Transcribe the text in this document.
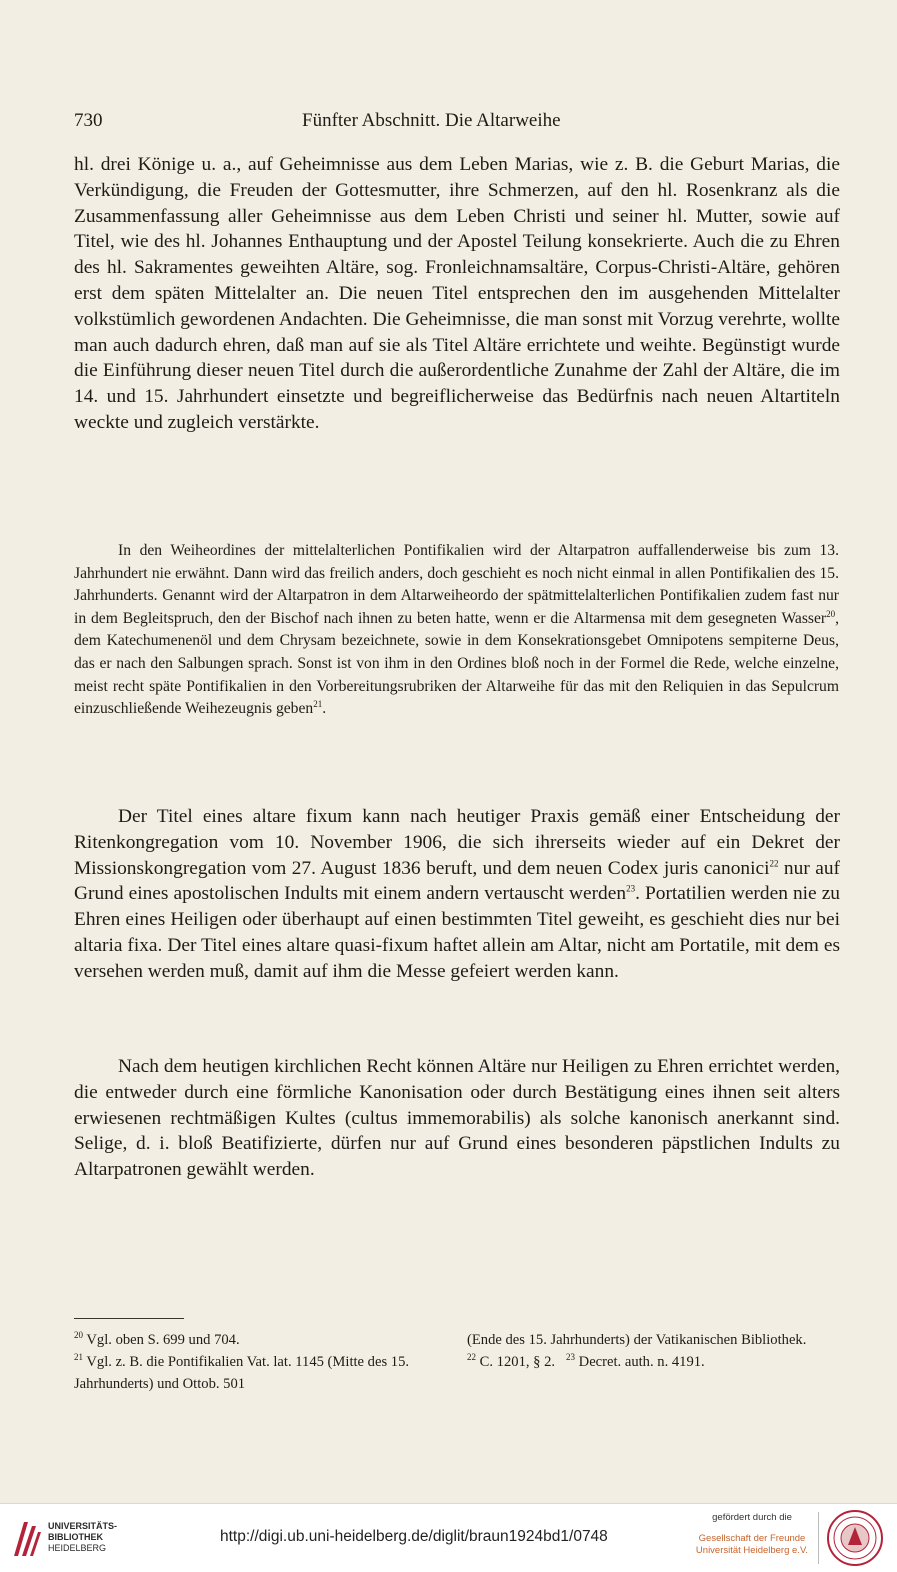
730	Fünfter Abschnitt. Die Altarweihe

hl. drei Könige u. a., auf Geheimnisse aus dem Leben Marias, wie z. B. die Geburt Marias, die Verkündigung, die Freuden der Gottesmutter, ihre Schmerzen, auf den hl. Rosenkranz als die Zusammenfassung aller Geheimnisse aus dem Leben Christi und seiner hl. Mutter, sowie auf Titel, wie des hl. Johannes Enthauptung und der Apostel Teilung konsekrierte. Auch die zu Ehren des hl. Sakramentes geweihten Altäre, sog. Fronleichnamsaltäre, Corpus-Christi-Altäre, gehören erst dem späten Mittelalter an. Die neuen Titel entsprechen den im ausgehenden Mittelalter volkstümlich gewordenen Andachten. Die Geheimnisse, die man sonst mit Vorzug verehrte, wollte man auch dadurch ehren, daß man auf sie als Titel Altäre errichtete und weihte. Begünstigt wurde die Einführung dieser neuen Titel durch die außerordentliche Zunahme der Zahl der Altäre, die im 14. und 15. Jahrhundert einsetzte und begreiflicherweise das Bedürfnis nach neuen Altartiteln weckte und zugleich verstärkte.

In den Weiheordines der mittelalterlichen Pontifikalien wird der Altarpatron auffallenderweise bis zum 13. Jahrhundert nie erwähnt. Dann wird das freilich anders, doch geschieht es noch nicht einmal in allen Pontifikalien des 15. Jahrhunderts. Genannt wird der Altarpatron in dem Altarweiheordo der spätmittelalterlichen Pontifikalien zudem fast nur in dem Begleitspruch, den der Bischof nach ihnen zu beten hatte, wenn er die Altarmensa mit dem gesegneten Wasser$^{20}$, dem Katechumenenöl und dem Chrysam bezeichnete, sowie in dem Konsekrationsgebet Omnipotens sempiterne Deus, das er nach den Salbungen sprach. Sonst ist von ihm in den Ordines bloß noch in der Formel die Rede, welche einzelne, meist recht späte Pontifikalien in den Vorbereitungsrubriken der Altarweihe für das mit den Reliquien in das Sepulcrum einzuschließende Weihezeugnis geben$^{21}$.

Der Titel eines altare fixum kann nach heutiger Praxis gemäß einer Entscheidung der Ritenkongregation vom 10. November 1906, die sich ihrerseits wieder auf ein Dekret der Missionskongregation vom 27. August 1836 beruft, und dem neuen Codex juris canonici$^{22}$ nur auf Grund eines apostolischen Indults mit einem andern vertauscht werden$^{23}$. Portatilien werden nie zu Ehren eines Heiligen oder überhaupt auf einen bestimmten Titel geweiht, es geschieht dies nur bei altaria fixa. Der Titel eines altare quasi-fixum haftet allein am Altar, nicht am Portatile, mit dem es versehen werden muß, damit auf ihm die Messe gefeiert werden kann.

Nach dem heutigen kirchlichen Recht können Altäre nur Heiligen zu Ehren errichtet werden, die entweder durch eine förmliche Kanonisation oder durch Bestätigung eines ihnen seit alters erwiesenen rechtmäßigen Kultes (cultus immemorabilis) als solche kanonisch anerkannt sind. Selige, d. i. bloß Beatifizierte, dürfen nur auf Grund eines besonderen päpstlichen Indults zu Altarpatronen gewählt werden.

$^{20}$ Vgl. oben S. 699 und 704.

$^{21}$ Vgl. z. B. die Pontifikalien Vat. lat. 1145 (Mitte des 15. Jahrhunderts) und Ottob. 501

(Ende des 15. Jahrhunderts) der Vatikanischen Bibliothek.

$^{22}$ C. 1201, § 2. $^{23}$ Decret. auth. n. 4191.

UNIVERSITÄTS-
BIBLIOTHEK
HEIDELBERG
http://digi.ub.uni-heidelberg.de/diglit/braun1924bd1/0748
gefördert durch die
Gesellschaft der Freunde
Universität Heidelberg e.V.
